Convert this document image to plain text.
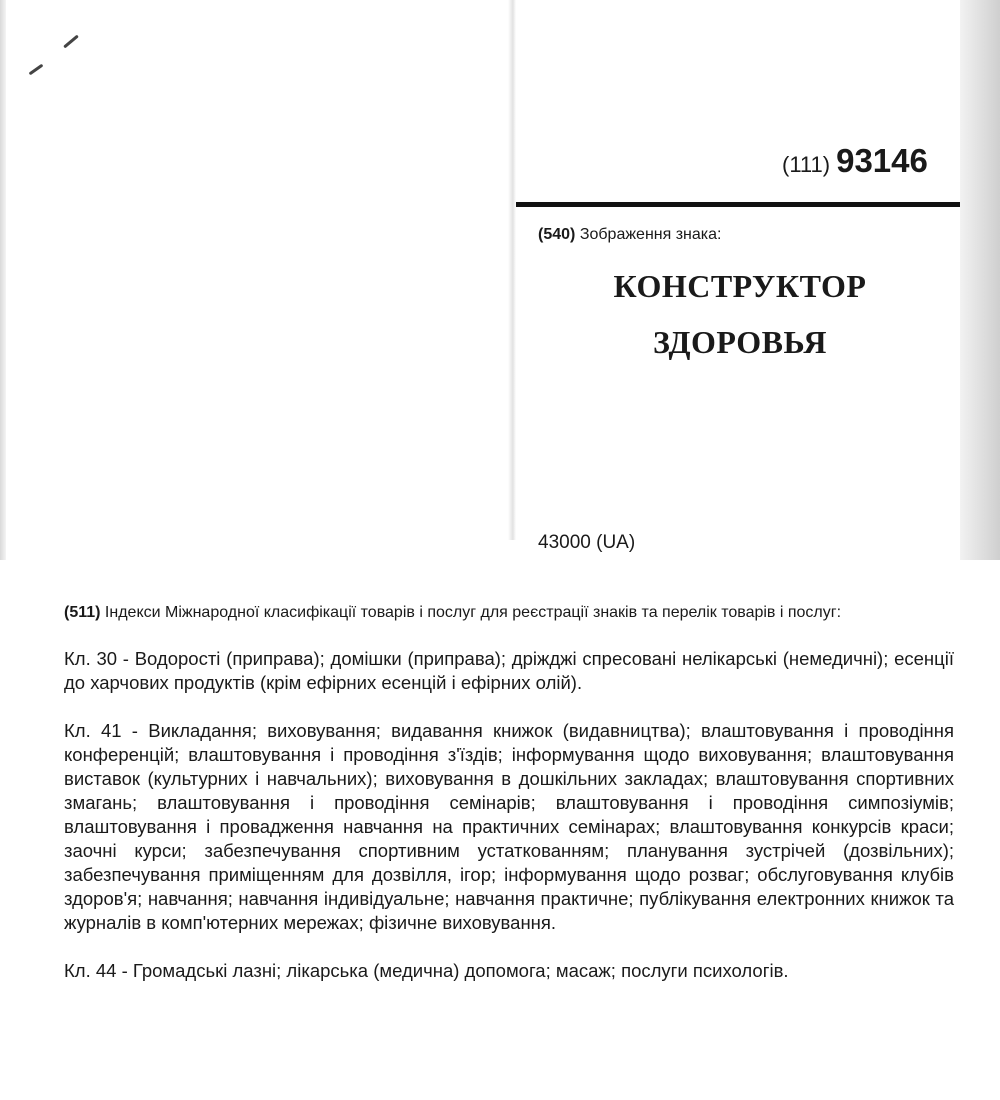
(111) 93146
(540) Зображення знака:
КОНСТРУКТОР
ЗДОРОВЬЯ
43000 (UA)

(511) Індекси Міжнародної класифікації товарів і послуг для реєстрації знаків та перелік товарів і послуг:

Кл. 30 - Водорості (приправа); домішки (приправа); дріжджі спресовані нелікарські (немедичні); есенції до харчових продуктів (крім ефірних есенцій і ефірних олій).

Кл. 41 - Викладання; виховування; видавання книжок (видавництва); влаштовування і проводіння конференцій; влаштовування і проводіння з'їздів; інформування щодо виховування; влаштовування виставок (культурних і навчальних); виховування в дошкільних закладах; влаштовування спортивних змагань; влаштовування і проводіння семінарів; влаштовування і проводіння симпозіумів; влаштовування і провадження навчання на практичних семінарах; влаштовування конкурсів краси; заочні курси; забезпечування спортивним устаткованням; планування зустрічей (дозвільних); забезпечування приміщенням для дозвілля, ігор; інформування щодо розваг; обслуговування клубів здоров'я; навчання; навчання індивідуальне; навчання практичне; публікування електронних книжок та журналів в комп'ютерних мережах; фізичне виховування.

Кл. 44 - Громадські лазні; лікарська (медична) допомога; масаж; послуги психологів.
